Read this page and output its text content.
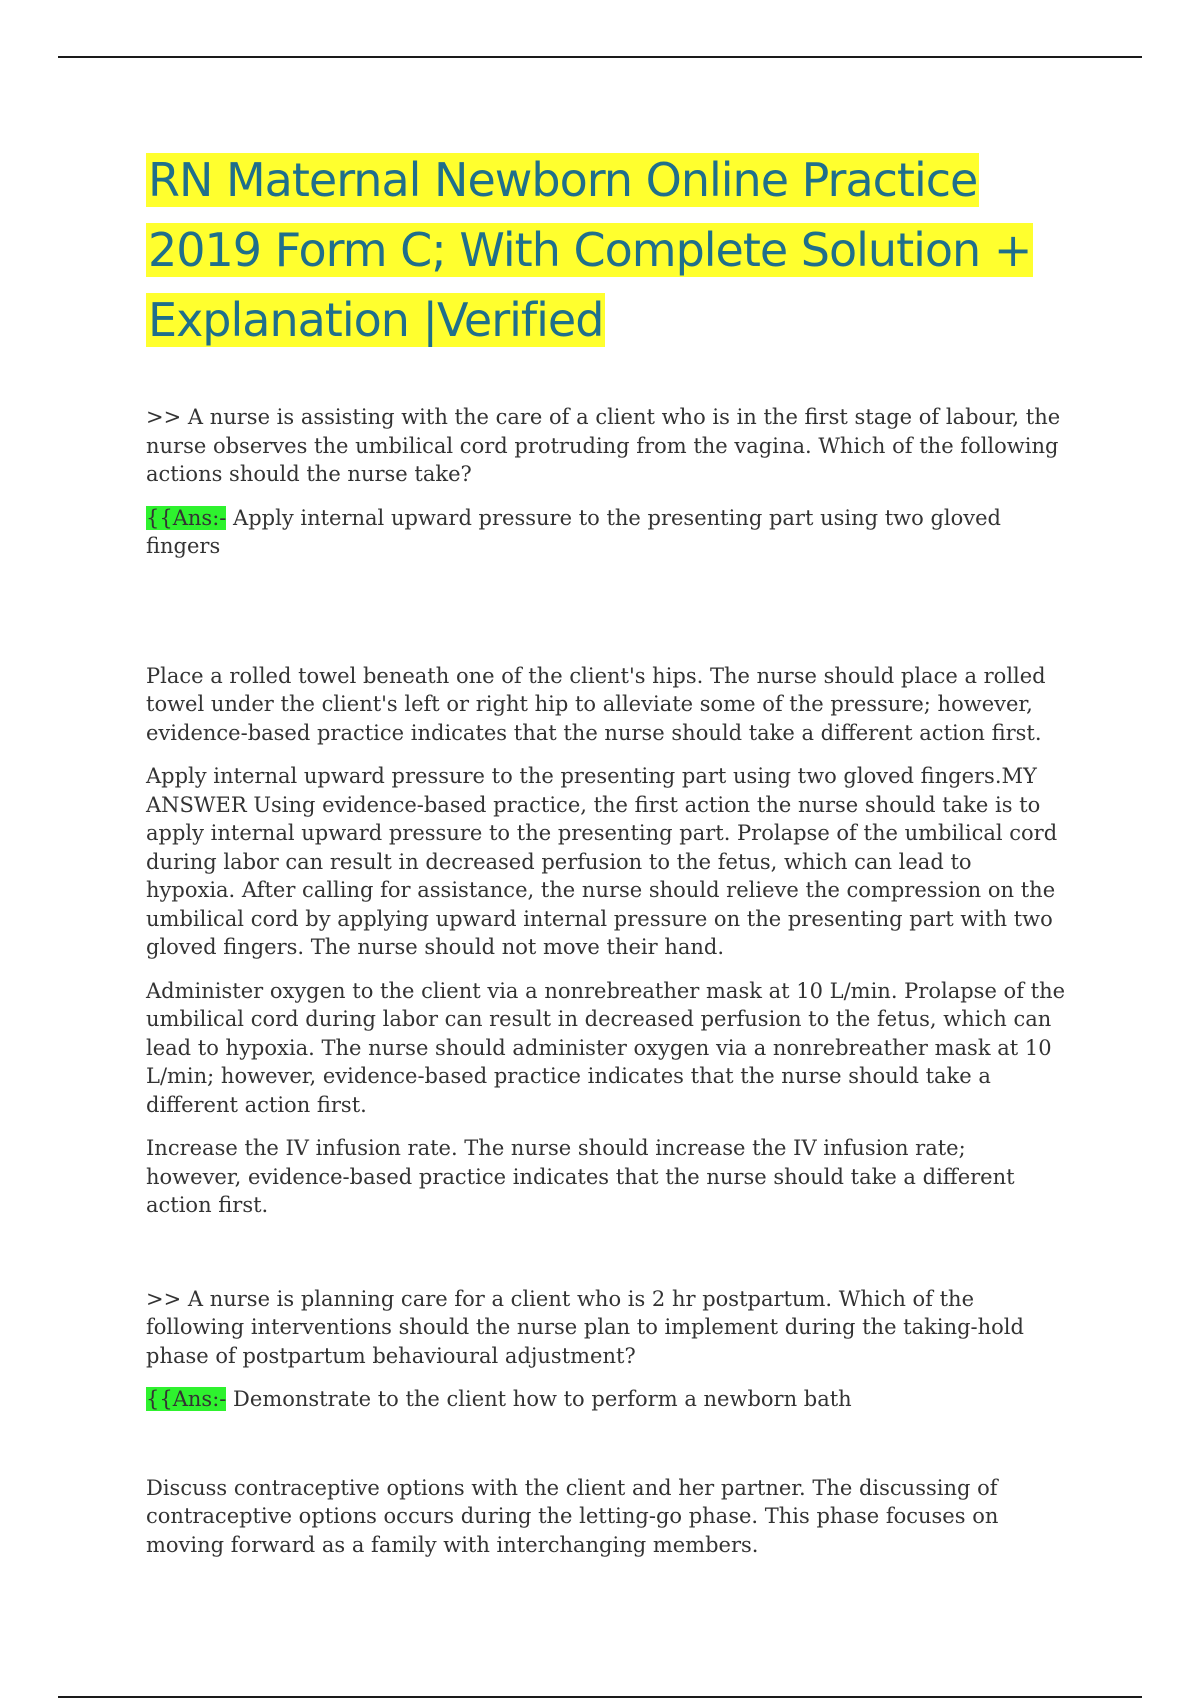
RN Maternal Newborn Online Practice 2019 Form C; With Complete Solution + Explanation |Verified

>> A nurse is assisting with the care of a client who is in the first stage of labour, the nurse observes the umbilical cord protruding from the vagina. Which of the following actions should the nurse take?

{{Ans:- Apply internal upward pressure to the presenting part using two gloved fingers

Place a rolled towel beneath one of the client's hips. The nurse should place a rolled towel under the client's left or right hip to alleviate some of the pressure; however, evidence-based practice indicates that the nurse should take a different action first.

Apply internal upward pressure to the presenting part using two gloved fingers.MY ANSWER Using evidence-based practice, the first action the nurse should take is to apply internal upward pressure to the presenting part. Prolapse of the umbilical cord during labor can result in decreased perfusion to the fetus, which can lead to hypoxia. After calling for assistance, the nurse should relieve the compression on the umbilical cord by applying upward internal pressure on the presenting part with two gloved fingers. The nurse should not move their hand.

Administer oxygen to the client via a nonrebreather mask at 10 L/min. Prolapse of the umbilical cord during labor can result in decreased perfusion to the fetus, which can lead to hypoxia. The nurse should administer oxygen via a nonrebreather mask at 10 L/min; however, evidence-based practice indicates that the nurse should take a different action first.

Increase the IV infusion rate. The nurse should increase the IV infusion rate; however, evidence-based practice indicates that the nurse should take a different action first.

>> A nurse is planning care for a client who is 2 hr postpartum. Which of the following interventions should the nurse plan to implement during the taking-hold phase of postpartum behavioural adjustment?

{{Ans:- Demonstrate to the client how to perform a newborn bath

Discuss contraceptive options with the client and her partner. The discussing of contraceptive options occurs during the letting-go phase. This phase focuses on moving forward as a family with interchanging members.
